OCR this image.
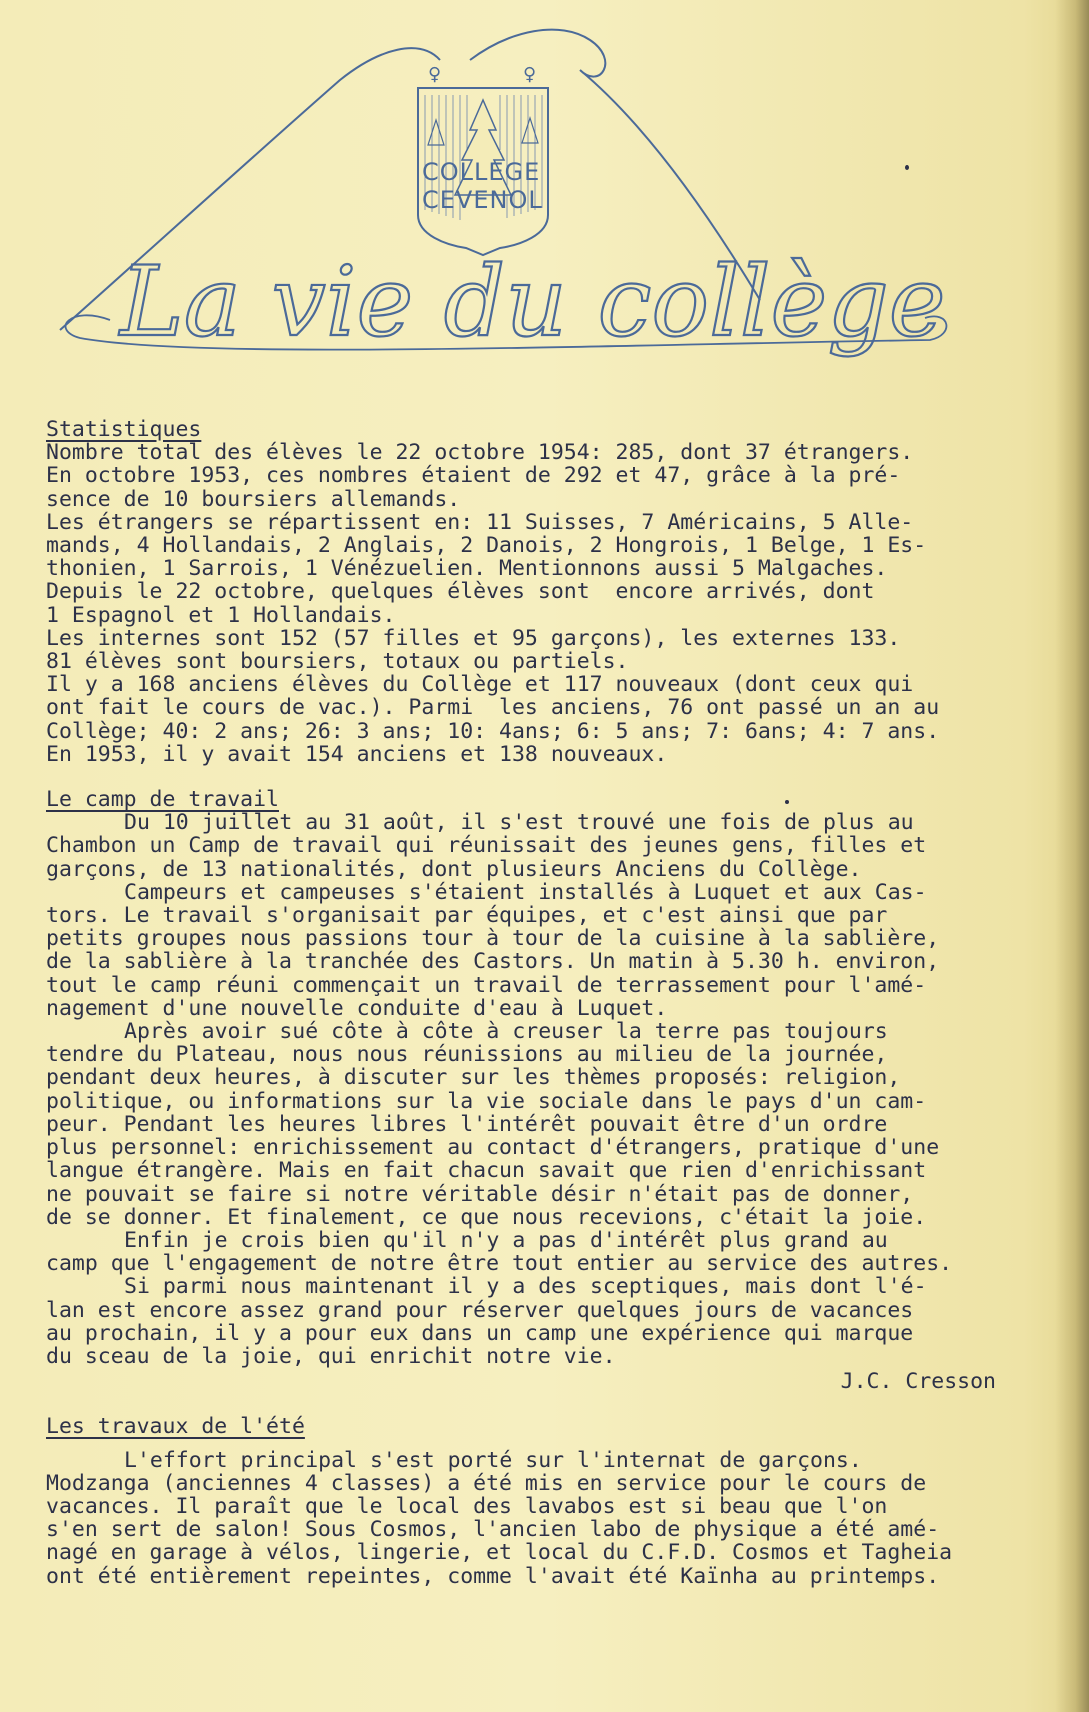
♀	♀
COLLEGE
CEVENOL
La vie du collège

Statistiques

Nombre total des élèves le 22 octobre 1954: 285, dont 37 étrangers.
En octobre 1953, ces nombres étaient de 292 et 47, grâce à la pré-
sence de 10 boursiers allemands.
Les étrangers se répartissent en: 11 Suisses, 7 Américains, 5 Alle-
mands, 4 Hollandais, 2 Anglais, 2 Danois, 2 Hongrois, 1 Belge, 1 Es-
thonien, 1 Sarrois, 1 Vénézuelien. Mentionnons aussi 5 Malgaches.
Depuis le 22 octobre, quelques élèves sont  encore arrivés, dont
1 Espagnol et 1 Hollandais.
Les internes sont 152 (57 filles et 95 garçons), les externes 133.
81 élèves sont boursiers, totaux ou partiels.
Il y a 168 anciens élèves du Collège et 117 nouveaux (dont ceux qui
ont fait le cours de vac.). Parmi  les anciens, 76 ont passé un an au
Collège; 40: 2 ans; 26: 3 ans; 10: 4ans; 6: 5 ans; 7: 6ans; 4: 7 ans.
En 1953, il y avait 154 anciens et 138 nouveaux.

Le camp de travail

Du 10 juillet au 31 août, il s'est trouvé une fois de plus au
Chambon un Camp de travail qui réunissait des jeunes gens, filles et
garçons, de 13 nationalités, dont plusieurs Anciens du Collège.
Campeurs et campeuses s'étaient installés à Luquet et aux Cas-
tors. Le travail s'organisait par équipes, et c'est ainsi que par
petits groupes nous passions tour à tour de la cuisine à la sablière,
de la sablière à la tranchée des Castors. Un matin à 5.30 h. environ,
tout le camp réuni commençait un travail de terrassement pour l'amé-
nagement d'une nouvelle conduite d'eau à Luquet.
Après avoir sué côte à côte à creuser la terre pas toujours
tendre du Plateau, nous nous réunissions au milieu de la journée,
pendant deux heures, à discuter sur les thèmes proposés: religion,
politique, ou informations sur la vie sociale dans le pays d'un cam-
peur. Pendant les heures libres l'intérêt pouvait être d'un ordre
plus personnel: enrichissement au contact d'étrangers, pratique d'une
langue étrangère. Mais en fait chacun savait que rien d'enrichissant
ne pouvait se faire si notre véritable désir n'était pas de donner,
de se donner. Et finalement, ce que nous recevions, c'était la joie.
Enfin je crois bien qu'il n'y a pas d'intérêt plus grand au
camp que l'engagement de notre être tout entier au service des autres.
Si parmi nous maintenant il y a des sceptiques, mais dont l'é-
lan est encore assez grand pour réserver quelques jours de vacances
au prochain, il y a pour eux dans un camp une expérience qui marque
du sceau de la joie, qui enrichit notre vie.
J.C. Cresson

Les travaux de l'été

L'effort principal s'est porté sur l'internat de garçons.
Modzanga (anciennes 4 classes) a été mis en service pour le cours de
vacances. Il paraît que le local des lavabos est si beau que l'on
s'en sert de salon! Sous Cosmos, l'ancien labo de physique a été amé-
nagé en garage à vélos, lingerie, et local du C.F.D. Cosmos et Tagheia
ont été entièrement repeintes, comme l'avait été Kaïnha au printemps.
